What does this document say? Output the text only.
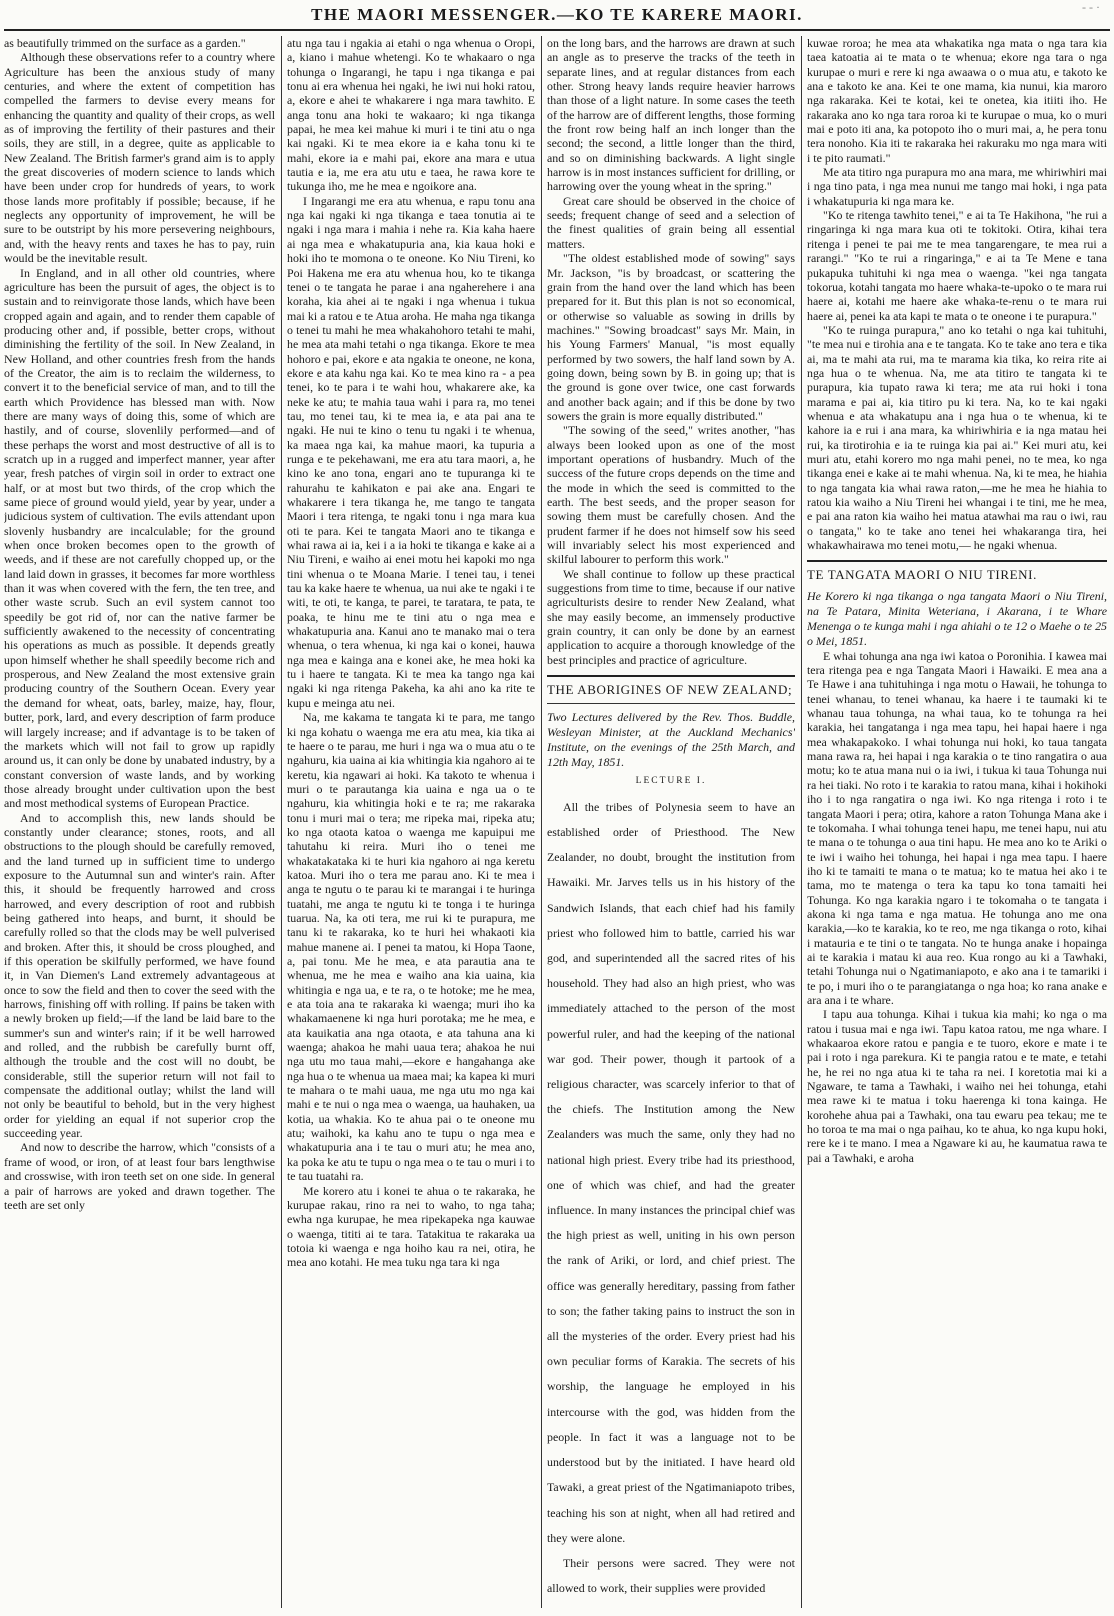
THE MAORI MESSENGER.—KO TE KARERE MAORI.	- - ·

as beautifully trimmed on the surface as a garden."

Although these observations refer to a country where Agriculture has been the anxious study of many centuries, and where the extent of competition has compelled the farmers to devise every means for enhancing the quantity and quality of their crops, as well as of improving the fertility of their pastures and their soils, they are still, in a degree, quite as applicable to New Zealand. The British farmer's grand aim is to apply the great discoveries of modern science to lands which have been under crop for hundreds of years, to work those lands more profitably if possible; because, if he neglects any opportunity of improvement, he will be sure to be outstript by his more persevering neighbours, and, with the heavy rents and taxes he has to pay, ruin would be the inevitable result.

In England, and in all other old countries, where agriculture has been the pursuit of ages, the object is to sustain and to reinvigorate those lands, which have been cropped again and again, and to render them capable of producing other and, if possible, better crops, without diminishing the fertility of the soil. In New Zealand, in New Holland, and other countries fresh from the hands of the Creator, the aim is to reclaim the wilderness, to convert it to the beneficial service of man, and to till the earth which Providence has blessed man with. Now there are many ways of doing this, some of which are hastily, and of course, slovenlily performed—and of these perhaps the worst and most destructive of all is to scratch up in a rugged and imperfect manner, year after year, fresh patches of virgin soil in order to extract one half, or at most but two thirds, of the crop which the same piece of ground would yield, year by year, under a judicious system of cultivation. The evils attendant upon slovenly husbandry are incalculable; for the ground when once broken becomes open to the growth of weeds, and if these are not carefully chopped up, or the land laid down in grasses, it becomes far more worthless than it was when covered with the fern, the ten tree, and other waste scrub. Such an evil system cannot too speedily be got rid of, nor can the native farmer be sufficiently awakened to the necessity of concentrating his operations as much as possible. It depends greatly upon himself whether he shall speedily become rich and prosperous, and New Zealand the most extensive grain producing country of the Southern Ocean. Every year the demand for wheat, oats, barley, maize, hay, flour, butter, pork, lard, and every description of farm produce will largely increase; and if advantage is to be taken of the markets which will not fail to grow up rapidly around us, it can only be done by unabated industry, by a constant conversion of waste lands, and by working those already brought under cultivation upon the best and most methodical systems of European Practice.

And to accomplish this, new lands should be constantly under clearance; stones, roots, and all obstructions to the plough should be carefully removed, and the land turned up in sufficient time to undergo exposure to the Autumnal sun and winter's rain. After this, it should be frequently harrowed and cross harrowed, and every description of root and rubbish being gathered into heaps, and burnt, it should be carefully rolled so that the clods may be well pulverised and broken. After this, it should be cross ploughed, and if this operation be skilfully performed, we have found it, in Van Diemen's Land extremely advantageous at once to sow the field and then to cover the seed with the harrows, finishing off with rolling. If pains be taken with a newly broken up field;—if the land be laid bare to the summer's sun and winter's rain; if it be well harrowed and rolled, and the rubbish be carefully burnt off, although the trouble and the cost will no doubt, be considerable, still the superior return will not fail to compensate the additional outlay; whilst the land will not only be beautiful to behold, but in the very highest order for yielding an equal if not superior crop the succeeding year.

And now to describe the harrow, which "consists of a frame of wood, or iron, of at least four bars lengthwise and crosswise, with iron teeth set on one side. In general a pair of harrows are yoked and drawn together. The teeth are set only

atu nga tau i ngakia ai etahi o nga whenua o Oropi, a, kiano i mahue whetengi. Ko te whakaaro o nga tohunga o Ingarangi, he tapu i nga tikanga e pai tonu ai era whenua hei ngaki, he iwi nui hoki ratou, a, ekore e ahei te whakarere i nga mara tawhito. E anga tonu ana hoki te wakaaro; ki nga tikanga papai, he mea kei mahue ki muri i te tini atu o nga kai ngaki. Ki te mea ekore ia e kaha tonu ki te mahi, ekore ia e mahi pai, ekore ana mara e utua tautia e ia, me era atu utu e taea, he rawa kore te tukunga iho, me he mea e ngoikore ana.

I Ingarangi me era atu whenua, e rapu tonu ana nga kai ngaki ki nga tikanga e taea tonutia ai te ngaki i nga mara i mahia i nehe ra. Kia kaha haere ai nga mea e whakatupuria ana, kia kaua hoki e hoki iho te momona o te oneone. Ko Niu Tireni, ko Poi Hakena me era atu whenua hou, ko te tikanga tenei o te tangata he parae i ana ngaherehere i ana koraha, kia ahei ai te ngaki i nga whenua i tukua mai ki a ratou e te Atua aroha. He maha nga tikanga o tenei tu mahi he mea whakahohoro tetahi te mahi, he mea ata mahi tetahi o nga tikanga. Ekore te mea hohoro e pai, ekore e ata ngakia te oneone, ne kona, ekore e ata kahu nga kai. Ko te mea kino ra - a pea tenei, ko te para i te wahi hou, whakarere ake, ka neke ke atu; te mahia taua wahi i para ra, mo tenei tau, mo tenei tau, ki te mea ia, e ata pai ana te ngaki. He nui te kino o tenu tu ngaki i te whenua, ka maea nga kai, ka mahue maori, ka tupuria a runga e te pekehawani, me era atu tara maori, a, he kino ke ano tona, engari ano te tupuranga ki te rahurahu te kahikaton e pai ake ana. Engari te whakarere i tera tikanga he, me tango te tangata Maori i tera ritenga, te ngaki tonu i nga mara kua oti te para. Kei te tangata Maori ano te tikanga e whai rawa ai ia, kei i a ia hoki te tikanga e kake ai a Niu Tireni, e waiho ai enei motu hei kapoki mo nga tini whenua o te Moana Marie. I tenei tau, i tenei tau ka kake haere te whenua, ua nui ake te ngaki i te witi, te oti, te kanga, te parei, te taratara, te pata, te poaka, te hinu me te tini atu o nga mea e whakatupuria ana. Kanui ano te manako mai o tera whenua, o tera whenua, ki nga kai o konei, hauwa nga mea e kainga ana e konei ake, he mea hoki ka tu i haere te tangata. Ki te mea ka tango nga kai ngaki ki nga ritenga Pakeha, ka ahi ano ka rite te kupu e meinga atu nei.

Na, me kakama te tangata ki te para, me tango ki nga kohatu o waenga me era atu mea, kia tika ai te haere o te parau, me huri i nga wa o mua atu o te ngahuru, kia uaina ai kia whitingia kia ngahoro ai te keretu, kia ngawari ai hoki. Ka takoto te whenua i muri o te parautanga kia uaina e nga ua o te ngahuru, kia whitingia hoki e te ra; me rakaraka tonu i muri mai o tera; me ripeka mai, ripeka atu; ko nga otaota katoa o waenga me kapuipui me tahutahu ki reira. Muri iho o tenei me whakatakataka ki te huri kia ngahoro ai nga keretu katoa. Muri iho o tera me parau ano. Ki te mea i anga te ngutu o te parau ki te marangai i te huringa tuatahi, me anga te ngutu ki te tonga i te huringa tuarua. Na, ka oti tera, me rui ki te purapura, me tanu ki te rakaraka, ko te huri hei whakaoti kia mahue manene ai. I penei ta matou, ki Hopa Taone, a, pai tonu. Me he mea, e ata parautia ana te whenua, me he mea e waiho ana kia uaina, kia whitingia e nga ua, e te ra, o te hotoke; me he mea, e ata toia ana te rakaraka ki waenga; muri iho ka whakamaenene ki nga huri porotaka; me he mea, e ata kauikatia ana nga otaota, e ata tahuna ana ki waenga; ahakoa he mahi uaua tera; ahakoa he nui nga utu mo taua mahi,—ekore e hangahanga ake nga hua o te whenua ua maea mai; ka kapea ki muri te mahara o te mahi uaua, me nga utu mo nga kai mahi e te nui o nga mea o waenga, ua hauhaken, ua kotia, ua whakia. Ko te ahua pai o te oneone mu atu; waihoki, ka kahu ano te tupu o nga mea e whakatupuria ana i te tau o muri atu; he mea ano, ka poka ke atu te tupu o nga mea o te tau o muri i to te tau tuatahi ra.

Me korero atu i konei te ahua o te rakaraka, he kurupae rakau, rino ra nei to waho, to nga taha; ewha nga kurupae, he mea ripekapeka nga kauwae o waenga, tititi ai te tara. Tatakitua te rakaraka ua totoia ki waenga e nga hoiho kau ra nei, otira, he mea ano kotahi. He mea tuku nga tara ki nga

on the long bars, and the harrows are drawn at such an angle as to preserve the tracks of the teeth in separate lines, and at regular distances from each other. Strong heavy lands require heavier harrows than those of a light nature. In some cases the teeth of the harrow are of different lengths, those forming the front row being half an inch longer than the second; the second, a little longer than the third, and so on diminishing backwards. A light single harrow is in most instances sufficient for drilling, or harrowing over the young wheat in the spring."

Great care should be observed in the choice of seeds; frequent change of seed and a selection of the finest qualities of grain being all essential matters.

"The oldest established mode of sowing" says Mr. Jackson, "is by broadcast, or scattering the grain from the hand over the land which has been prepared for it. But this plan is not so economical, or otherwise so valuable as sowing in drills by machines." "Sowing broadcast" says Mr. Main, in his Young Farmers' Manual, "is most equally performed by two sowers, the half land sown by A. going down, being sown by B. in going up; that is the ground is gone over twice, one cast forwards and another back again; and if this be done by two sowers the grain is more equally distributed."

"The sowing of the seed," writes another, "has always been looked upon as one of the most important operations of husbandry. Much of the success of the future crops depends on the time and the mode in which the seed is committed to the earth. The best seeds, and the proper season for sowing them must be carefully chosen. And the prudent farmer if he does not himself sow his seed will invariably select his most experienced and skilful labourer to perform this work."

We shall continue to follow up these practical suggestions from time to time, because if our native agriculturists desire to render New Zealand, what she may easily become, an immensely productive grain country, it can only be done by an earnest application to acquire a thorough knowledge of the best principles and practice of agriculture.

THE ABORIGINES OF NEW ZEALAND;

Two Lectures delivered by the Rev. Thos. Buddle, Wesleyan Minister, at the Auckland Mechanics' Institute, on the evenings of the 25th March, and 12th May, 1851.

LECTURE I.

All the tribes of Polynesia seem to have an established order of Priesthood. The New Zealander, no doubt, brought the institution from Hawaiki. Mr. Jarves tells us in his history of the Sandwich Islands, that each chief had his family priest who followed him to battle, carried his war god, and superintended all the sacred rites of his household. They had also an high priest, who was immediately attached to the person of the most powerful ruler, and had the keeping of the national war god. Their power, though it partook of a religious character, was scarcely inferior to that of the chiefs. The Institution among the New Zealanders was much the same, only they had no national high priest. Every tribe had its priesthood, one of which was chief, and had the greater influence. In many instances the principal chief was the high priest as well, uniting in his own person the rank of Ariki, or lord, and chief priest. The office was generally hereditary, passing from father to son; the father taking pains to instruct the son in all the mysteries of the order. Every priest had his own peculiar forms of Karakia. The secrets of his worship, the language he employed in his intercourse with the god, was hidden from the people. In fact it was a language not to be understood but by the initiated. I have heard old Tawaki, a great priest of the Ngatimaniapoto tribes, teaching his son at night, when all had retired and they were alone.

Their persons were sacred. They were not allowed to work, their supplies were provided

kuwae roroa; he mea ata whakatika nga mata o nga tara kia taea katoatia ai te mata o te whenua; ekore nga tara o nga kurupae o muri e rere ki nga awaawa o o mua atu, e takoto ke ana e takoto ke ana. Kei te one mama, kia nunui, kia maroro nga rakaraka. Kei te kotai, kei te onetea, kia itiiti iho. He rakaraka ano ko nga tara roroa ki te kurupae o mua, ko o muri mai e poto iti ana, ka potopoto iho o muri mai, a, he pera tonu tera nonoho. Kia iti te rakaraka hei rakuraku mo nga mara witi i te pito raumati."

Me ata titiro nga purapura mo ana mara, me whiriwhiri mai i nga tino pata, i nga mea nunui me tango mai hoki, i nga pata i whakatupuria ki nga mara ke.

"Ko te ritenga tawhito tenei," e ai ta Te Hakihona, "he rui a ringaringa ki nga mara kua oti te tokitoki. Otira, kihai tera ritenga i penei te pai me te mea tangarengare, te mea rui a rarangi." "Ko te rui a ringaringa," e ai ta Te Mene e tana pukapuka tuhituhi ki nga mea o waenga. "kei nga tangata tokorua, kotahi tangata mo haere whaka-te-upoko o te mara rui haere ai, kotahi me haere ake whaka-te-renu o te mara rui haere ai, penei ka ata kapi te mata o te oneone i te purapura."

"Ko te ruinga purapura," ano ko tetahi o nga kai tuhituhi, "te mea nui e tirohia ana e te tangata. Ko te take ano tera e tika ai, ma te mahi ata rui, ma te marama kia tika, ko reira rite ai nga hua o te whenua. Na, me ata titiro te tangata ki te purapura, kia tupato rawa ki tera; me ata rui hoki i tona marama e pai ai, kia titiro pu ki tera. Na, ko te kai ngaki whenua e ata whakatupu ana i nga hua o te whenua, ki te kahore ia e rui i ana mara, ka whiriwhiria e ia nga matau hei rui, ka tirotirohia e ia te ruinga kia pai ai." Kei muri atu, kei muri atu, etahi korero mo nga mahi penei, no te mea, ko nga tikanga enei e kake ai te mahi whenua. Na, ki te mea, he hiahia to nga tangata kia whai rawa raton,—me he mea he hiahia to ratou kia waiho a Niu Tireni hei whangai i te tini, me he mea, e pai ana raton kia waiho hei matua atawhai ma rau o iwi, rau o tangata," ko te take ano tenei hei whakaranga tira, hei whakawhairawa mo tenei motu,— he ngaki whenua.

TE TANGATA MAORI O NIU TIRENI.

He Korero ki nga tikanga o nga tangata Maori o Niu Tireni, na Te Patara, Minita Weteriana, i Akarana, i te Whare Menenga o te kunga mahi i nga ahiahi o te 12 o Maehe o te 25 o Mei, 1851.

E whai tohunga ana nga iwi katoa o Poronihia. I kawea mai tera ritenga pea e nga Tangata Maori i Hawaiki. E mea ana a Te Hawe i ana tuhituhinga i nga motu o Hawaii, he tohunga to tenei whanau, to tenei whanau, ka haere i te taumaki ki te whanau taua tohunga, na whai taua, ko te tohunga ra hei karakia, hei tangatanga i nga mea tapu, hei hapai haere i nga mea whakapakoko. I whai tohunga nui hoki, ko taua tangata mana rawa ra, hei hapai i nga karakia o te tino rangatira o aua motu; ko te atua mana nui o ia iwi, i tukua ki taua Tohunga nui ra hei tiaki. No roto i te karakia to ratou mana, kihai i hokihoki iho i to nga rangatira o nga iwi. Ko nga ritenga i roto i te tangata Maori i pera; otira, kahore a raton Tohunga Mana ake i te tokomaha. I whai tohunga tenei hapu, me tenei hapu, nui atu te mana o te tohunga o aua tini hapu. He mea ano ko te Ariki o te iwi i waiho hei tohunga, hei hapai i nga mea tapu. I haere iho ki te tamaiti te mana o te matua; ko te matua hei ako i te tama, mo te matenga o tera ka tapu ko tona tamaiti hei Tohunga. Ko nga karakia ngaro i te tokomaha o te tangata i akona ki nga tama e nga matua. He tohunga ano me ona karakia,—ko te karakia, ko te reo, me nga tikanga o roto, kihai i matauria e te tini o te tangata. No te hunga anake i hopainga ai te karakia i matau ki aua reo. Kua rongo au ki a Tawhaki, tetahi Tohunga nui o Ngatimaniapoto, e ako ana i te tamariki i te po, i muri iho o te parangiatanga o nga hoa; ko rana anake e ara ana i te whare.

I tapu aua tohunga. Kihai i tukua kia mahi; ko nga o ma ratou i tusua mai e nga iwi. Tapu katoa ratou, me nga whare. I whakaaroa ekore ratou e pangia e te tuoro, ekore e mate i te pai i roto i nga parekura. Ki te pangia ratou e te mate, e tetahi he, he rei no nga atua ki te taha ra nei. I koretotia mai ki a Ngaware, te tama a Tawhaki, i waiho nei hei tohunga, etahi mea rawe ki te matua i toku haerenga ki tona kainga. He korohehe ahua pai a Tawhaki, ona tau ewaru pea tekau; me te ho toroa te ma mai o nga paihau, ko te ahua, ko nga kupu hoki, rere ke i te mano. I mea a Ngaware ki au, he kaumatua rawa te pai a Tawhaki, e aroha
